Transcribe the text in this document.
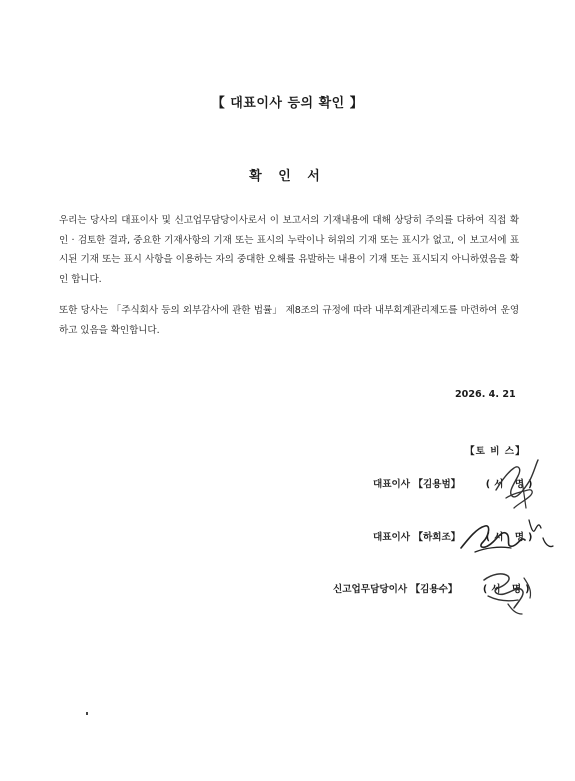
【 대표이사 등의 확인 】
확 인 서
우리는 당사의 대표이사 및 신고업무담당이사로서 이 보고서의 기재내용에 대해 상당히 주의를 다하여 직접 확인 · 검토한 결과, 중요한 기재사항의 기재 또는 표시의 누락이나 허위의 기재 또는 표시가 없고, 이 보고서에 표시된 기재 또는 표시 사항을 이용하는 자의 중대한 오해를 유발하는 내용이 기재 또는 표시되지 아니하였음을 확인 합니다.
또한 당사는 「주식회사 등의 외부감사에 관한 법률」 제8조의 규정에 따라 내부회계관리제도를 마련하여 운영하고 있음을 확인합니다.
2026. 4. 21
【토 비 스】
대표이사 【김용범】	(서 명)
대표이사 【하희조】	(서 명)
신고업무담당이사 【김용수】	(서 명)
